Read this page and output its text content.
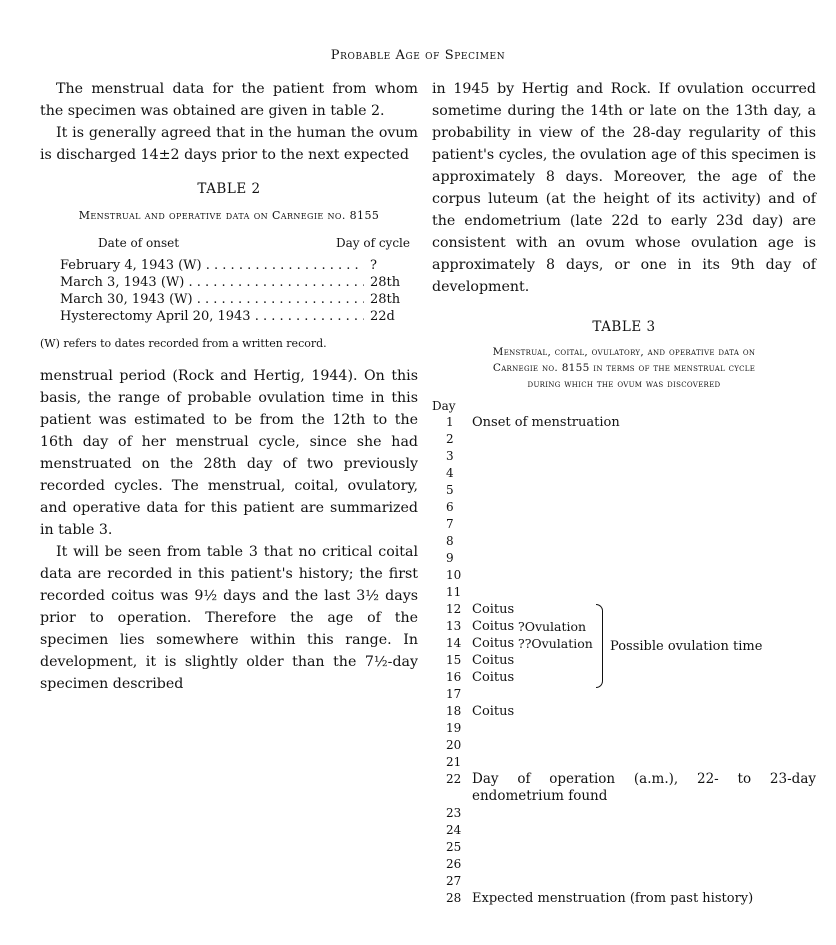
Probable Age of Specimen

The menstrual data for the patient from whom the specimen was obtained are given in table 2.

It is generally agreed that in the human the ovum is discharged 14±2 days prior to the next expected

TABLE 2
Menstrual and operative data on Carnegie no. 8155
Date of onset	Day of cycle
February 4, 1943 (W) . . .	?
March 3, 1943 (W) . . .	28th
March 30, 1943 (W) . . .	28th
Hysterectomy April 20, 1943 . . .	22d
(W) refers to dates recorded from a written record.

menstrual period (Rock and Hertig, 1944). On this basis, the range of probable ovulation time in this patient was estimated to be from the 12th to the 16th day of her menstrual cycle, since she had menstruated on the 28th day of two previously recorded cycles. The menstrual, coital, ovulatory, and operative data for this patient are summarized in table 3.

It will be seen from table 3 that no critical coital data are recorded in this patient's history; the first recorded coitus was 9½ days and the last 3½ days prior to operation. Therefore the age of the specimen lies somewhere within this range. In development, it is slightly older than the 7½-day specimen described

in 1945 by Hertig and Rock. If ovulation occurred sometime during the 14th or late on the 13th day, a probability in view of the 28-day regularity of this patient's cycles, the ovulation age of this specimen is approximately 8 days. Moreover, the age of the corpus luteum (at the height of its activity) and of the endometrium (late 22d to early 23d day) are consistent with an ovum whose ovulation age is approximately 8 days, or one in its 9th day of development.

TABLE 3
Menstrual, coital, ovulatory, and operative data on
Carnegie no. 8155 in terms of the menstrual cycle
during which the ovum was discovered
Day
1 Onset of menstruation
2
3
4
5
6
7
8
9
10
11
12 Coitus
13 Coitus ?Ovulation
14 Coitus ??Ovulation
15 Coitus
16 Coitus
17
18 Coitus
19
20
21
22 Day of operation (a.m.), 22- to 23-day endometrium found
23
24
25
26
27
28 Expected menstruation (from past history)
Possible ovulation time
